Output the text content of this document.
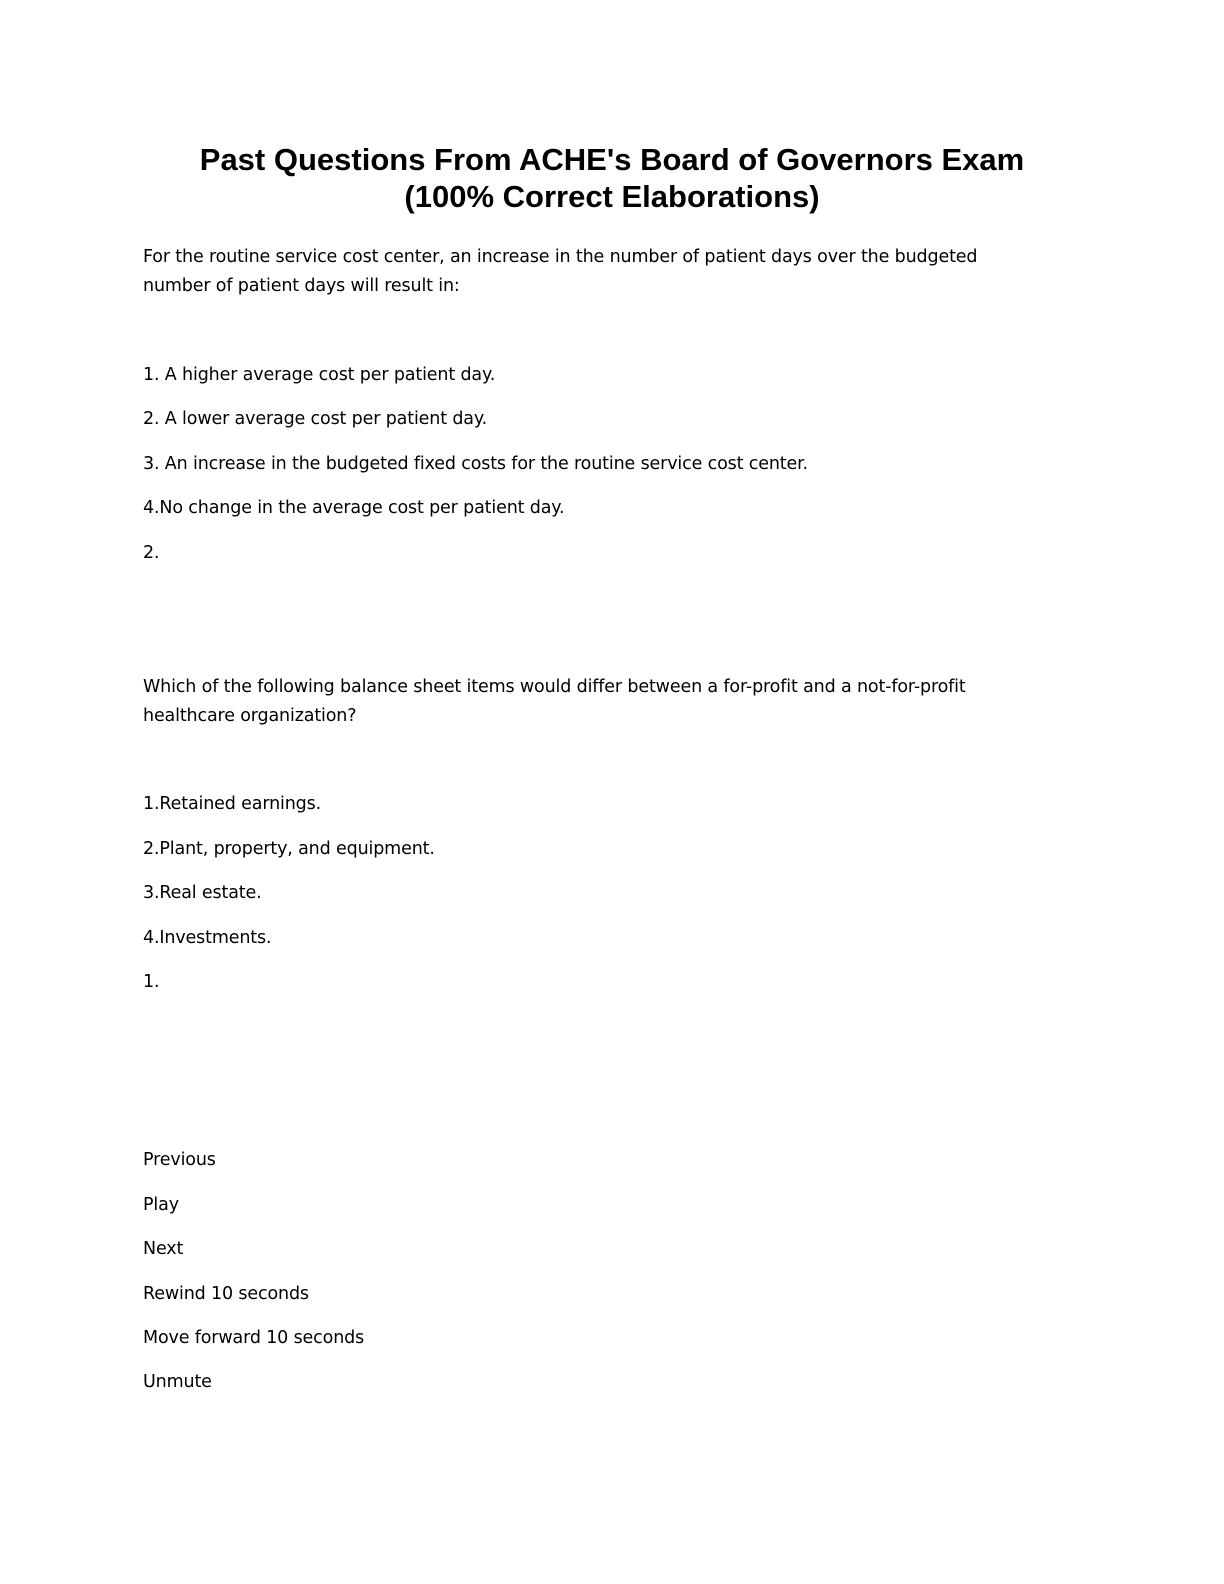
Past Questions From ACHE's Board of Governors Exam
(100% Correct Elaborations)

For the routine service cost center, an increase in the number of patient days over the budgeted number of patient days will result in:

1. A higher average cost per patient day.
2. A lower average cost per patient day.
3. An increase in the budgeted fixed costs for the routine service cost center.
4.No change in the average cost per patient day.
2.

Which of the following balance sheet items would differ between a for-profit and a not-for-profit healthcare organization?

1.Retained earnings.
2.Plant, property, and equipment.
3.Real estate.
4.Investments.
1.
Previous
Play
Next
Rewind 10 seconds
Move forward 10 seconds
Unmute
